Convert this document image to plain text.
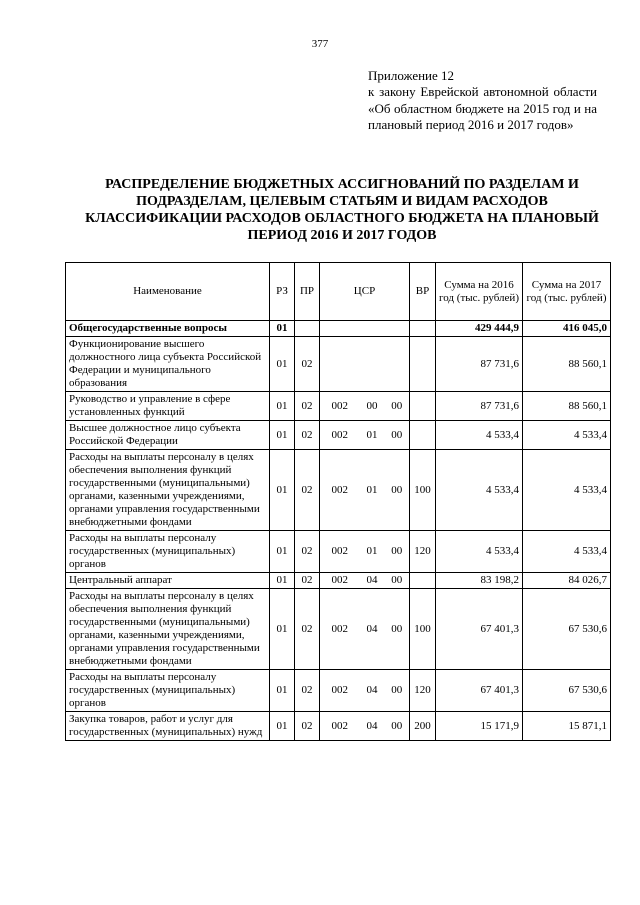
377
Приложение 12
к закону Еврейской автономной области «Об областном бюджете на 2015 год и на плановый период 2016 и 2017 годов»
РАСПРЕДЕЛЕНИЕ БЮДЖЕТНЫХ АССИГНОВАНИЙ ПО РАЗДЕЛАМ И ПОДРАЗДЕЛАМ, ЦЕЛЕВЫМ СТАТЬЯМ И ВИДАМ РАСХОДОВ КЛАССИФИКАЦИИ РАСХОДОВ ОБЛАСТНОГО БЮДЖЕТА НА ПЛАНОВЫЙ ПЕРИОД 2016 И 2017 ГОДОВ
Наименование	РЗ	ПР	ЦСР			ВР	Сумма на 2016 год (тыс. рублей)	Сумма на 2017 год (тыс. рублей)
Общегосударственные вопросы	01						429 444,9	416 045,0
Функционирование высшего должностного лица субъекта Российской Федерации и муниципального образования	01	02					87 731,6	88 560,1
Руководство и управление в сфере установленных функций	01	02	002	00	00		87 731,6	88 560,1
Высшее должностное лицо субъекта Российской Федерации	01	02	002	01	00		4 533,4	4 533,4
Расходы на выплаты персоналу в целях обеспечения выполнения функций государственными (муниципальными) органами, казенными учреждениями, органами управления государственными внебюджетными фондами	01	02	002	01	00	100	4 533,4	4 533,4
Расходы на выплаты персоналу государственных (муниципальных) органов	01	02	002	01	00	120	4 533,4	4 533,4
Центральный аппарат	01	02	002	04	00		83 198,2	84 026,7
Расходы на выплаты персоналу в целях обеспечения выполнения функций государственными (муниципальными) органами, казенными учреждениями, органами управления государственными внебюджетными фондами	01	02	002	04	00	100	67 401,3	67 530,6
Расходы на выплаты персоналу государственных (муниципальных) органов	01	02	002	04	00	120	67 401,3	67 530,6
Закупка товаров, работ и услуг для государственных (муниципальных) нужд	01	02	002	04	00	200	15 171,9	15 871,1
